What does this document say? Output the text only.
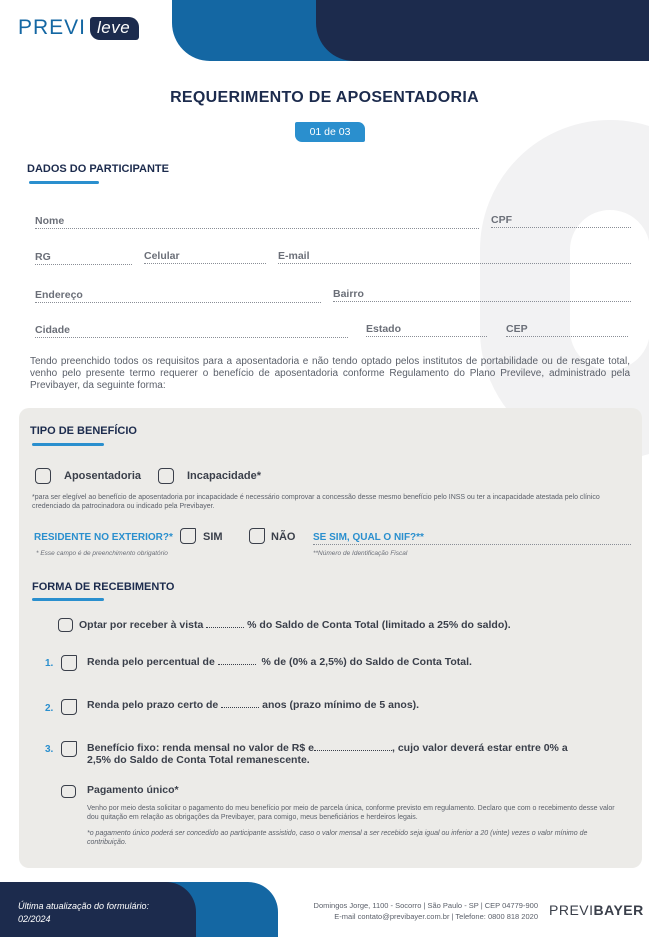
PREVI leve
REQUERIMENTO DE APOSENTADORIA
01 de 03
DADOS DO PARTICIPANTE
Nome	CPF
RG	Celular	E-mail
Endereço	Bairro
Cidade	Estado	CEP
Tendo preenchido todos os requisitos para a aposentadoria e não tendo optado pelos institutos de portabilidade ou de resgate total, venho pelo presente termo requerer o benefício de aposentadoria conforme Regulamento do Plano Previleve, administrado pela Previbayer, da seguinte forma:
TIPO DE BENEFÍCIO
Aposentadoria	Incapacidade*
*para ser elegível ao benefício de aposentadoria por incapacidade é necessário comprovar a concessão desse mesmo benefício pelo INSS ou ter a incapacidade atestada pelo clínico credenciado da patrocinadora ou indicado pela Previbayer.
RESIDENTE NO EXTERIOR?*	SIM	NÃO SE SIM, QUAL O NIF?**
* Esse campo é de preenchimento obrigatório	**Número de Identificação Fiscal
FORMA DE RECEBIMENTO
Optar por receber à vista	% do Saldo de Conta Total (limitado a 25% do saldo).
1.	Renda pelo percentual de	% de (0% a 2,5%) do Saldo de Conta Total.
2.	Renda pelo prazo certo de	anos (prazo mínimo de 5 anos).
3.	Benefício fixo: renda mensal no valor de R$ e	, cujo valor deverá estar entre 0% a
2,5% do Saldo de Conta Total remanescente.
Pagamento único*
Venho por meio desta solicitar o pagamento do meu benefício por meio de parcela única, conforme previsto em regulamento. Declaro que com o recebimento desse valor dou quitação em relação as obrigações da Previbayer, para comigo, meus beneficiários e herdeiros legais.
*o pagamento único poderá ser concedido ao participante assistido, caso o valor mensal a ser recebido seja igual ou inferior a 20 (vinte) vezes o valor mínimo de contribuição.
Última atualização do formulário:
02/2024
Domingos Jorge, 1100 - Socorro | São Paulo - SP | CEP 04779-900
E-mail contato@previbayer.com.br | Telefone: 0800 818 2020 PREVIBAYER
